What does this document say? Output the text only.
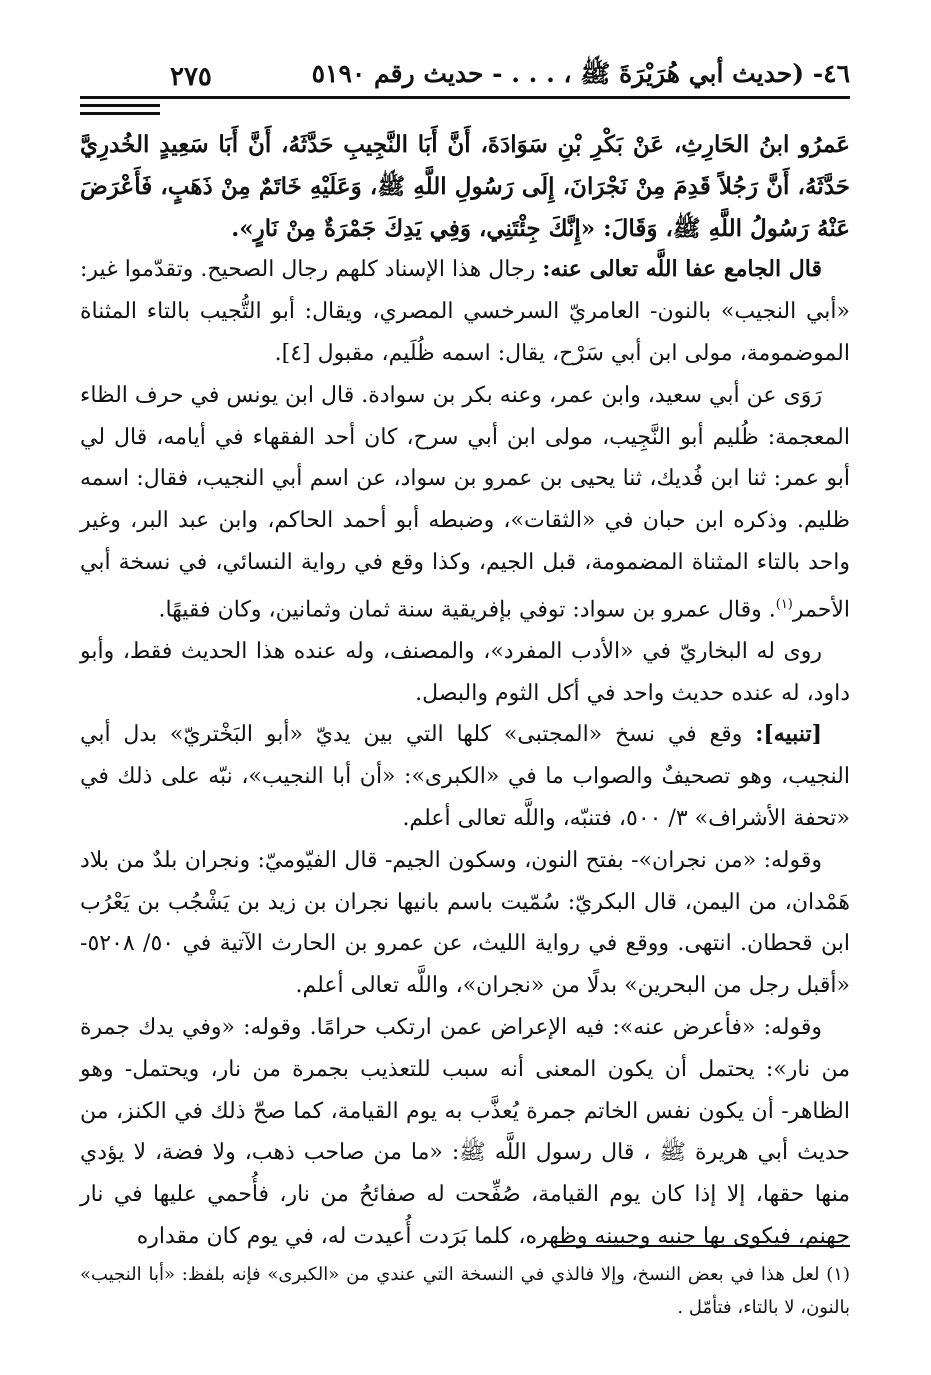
٤٦- (حديث أبي هُرَيْرَةَ ﷺ ، . . . - حديث رقم ٥١٩٠
٢٧٥

عَمرُو ابنُ الحَارِثِ، عَنْ بَكْرِ بْنِ سَوَادَةَ، أَنَّ أَبَا النَّجِيبِ حَدَّثَهُ، أَنَّ أَبَا سَعِيدٍ الخُدرِيَّ حَدَّثَهُ، أَنَّ رَجُلاً قَدِمَ مِنْ نَجْرَانَ، إِلَى رَسُولِ اللَّهِ ﷺ، وَعَلَيْهِ خَاتَمٌ مِنْ ذَهَبٍ، فَأَعْرَضَ عَنْهُ رَسُولُ اللَّهِ ﷺ، وَقَالَ: «إِنَّكَ جِئْتَنِي، وَفِي يَدِكَ جَمْرَةٌ مِنْ نَارٍ».

قال الجامع عفا اللَّه تعالى عنه: رجال هذا الإسناد كلهم رجال الصحيح. وتقدّموا غير: «أبي النجيب» بالنون- العامريّ السرخسي المصري، ويقال: أبو التُّجيب بالتاء المثناة الموضمومة، مولى ابن أبي سَرْح، يقال: اسمه ظُلَيم، مقبول [٤].

رَوَى عن أبي سعيد، وابن عمر، وعنه بكر بن سوادة. قال ابن يونس في حرف الظاء المعجمة: ظُليم أبو النَّجِيب، مولى ابن أبي سرح، كان أحد الفقهاء في أيامه، قال لي أبو عمر: ثنا ابن فُديك، ثنا يحيى بن عمرو بن سواد، عن اسم أبي النجيب، فقال: اسمه ظليم. وذكره ابن حبان في «الثقات»، وضبطه أبو أحمد الحاكم، وابن عبد البر، وغير واحد بالتاء المثناة المضمومة، قبل الجيم، وكذا وقع في رواية النسائي، في نسخة أبي الأحمر$^{(١)}$. وقال عمرو بن سواد: توفي بإفريقية سنة ثمان وثمانين، وكان فقيهًا.

روى له البخاريّ في «الأدب المفرد»، والمصنف، وله عنده هذا الحديث فقط، وأبو داود، له عنده حديث واحد في أكل الثوم والبصل.

[تنبيه]: وقع في نسخ «المجتبى» كلها التي بين يديّ «أبو البَخْتريّ» بدل أبي النجيب، وهو تصحيفٌ والصواب ما في «الكبرى»: «أن أبا النجيب»، نبّه على ذلك في «تحفة الأشراف» ٣/ ٥٠٠، فتنبّه، واللَّه تعالى أعلم.

وقوله: «من نجران»- بفتح النون، وسكون الجيم- قال الفيّوميّ: ونجران بلدٌ من بلاد هَمْدان، من اليمن، قال البكريّ: سُمّيت باسم بانيها نجران بن زيد بن يَشْجُب بن يَعْرُب ابن قحطان. انتهى. ووقع في رواية الليث، عن عمرو بن الحارث الآتية في ٥٠/ ٥٢٠٨- «أقبل رجل من البحرين» بدلًا من «نجران»، واللَّه تعالى أعلم.

وقوله: «فأعرض عنه»: فيه الإعراض عمن ارتكب حرامًا. وقوله: «وفي يدك جمرة من نار»: يحتمل أن يكون المعنى أنه سبب للتعذيب بجمرة من نار، ويحتمل- وهو الظاهر- أن يكون نفس الخاتم جمرة يُعذَّب به يوم القيامة، كما صحّ ذلك في الكنز، من حديث أبي هريرة ﷺ ، قال رسول اللَّه ﷺ: «ما من صاحب ذهب، ولا فضة، لا يؤدي منها حقها، إلا إذا كان يوم القيامة، صُفِّحت له صفائحُ من نار، فأُحمي عليها في نار جهنم، فيكوى بها جنبه وجبينه وظهره، كلما بَرَدت أُعيدت له، في يوم كان مقداره

(١) لعل هذا في بعض النسخ، وإلا فالذي في النسخة التي عندي من «الكبرى» فإنه بلفظ: «أبا النجيب» بالنون، لا بالتاء، فتأمّل .
